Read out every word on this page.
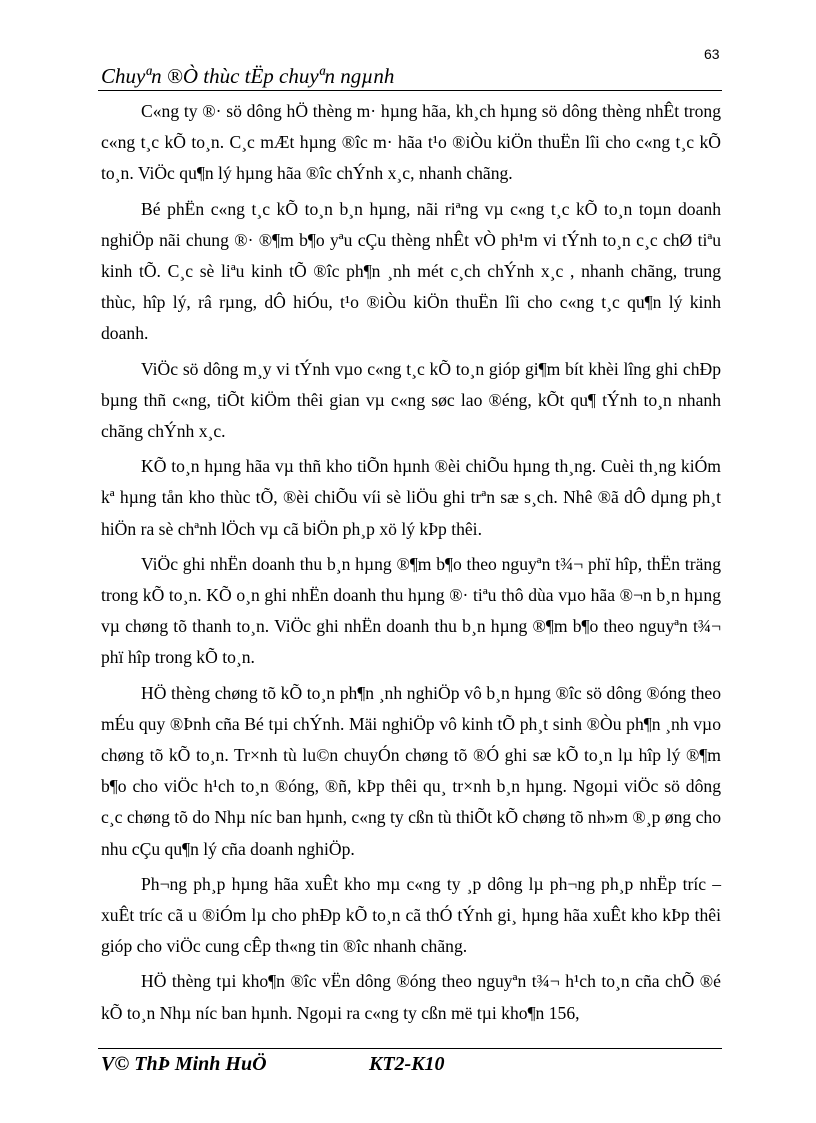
63
Chuyªn ®Ò thùc tËp chuyªn ngµnh

C«ng ty ®· sö dông hÖ thèng m· hµng hãa, kh¸ch hµng sö dông thèng nhÊt trong c«ng t¸c kÕ to¸n. C¸c mÆt hµng ®îc m· hãa t¹o ®iÒu kiÖn thuËn lîi cho c«ng t¸c kÕ to¸n. ViÖc qu¶n lý hµng hãa ®îc chÝnh x¸c, nhanh chãng.

Bé phËn c«ng t¸c kÕ to¸n b¸n hµng, nãi riªng vµ c«ng t¸c kÕ to¸n toµn doanh nghiÖp nãi chung ®· ®¶m b¶o yªu cÇu thèng nhÊt vÒ ph¹m vi tÝnh to¸n c¸c chØ tiªu kinh tÕ. C¸c sè liªu kinh tÕ ®îc ph¶n ¸nh mét c¸ch chÝnh x¸c , nhanh chãng, trung thùc, hîp lý, râ rµng, dÔ hiÓu, t¹o ®iÒu kiÖn thuËn lîi cho c«ng t¸c qu¶n lý kinh doanh.

ViÖc sö dông m¸y vi tÝnh vµo c«ng t¸c kÕ to¸n gióp gi¶m bít khèi lîng ghi chÐp bµng thñ c«ng, tiÕt kiÖm thêi gian vµ c«ng søc lao ®éng, kÕt qu¶ tÝnh to¸n nhanh chãng chÝnh x¸c.

KÕ to¸n hµng hãa vµ thñ kho tiÕn hµnh ®èi chiÕu hµng th¸ng. Cuèi th¸ng kiÓm kª hµng tån kho thùc tÕ, ®èi chiÕu víi sè liÖu ghi trªn sæ s¸ch. Nhê ®ã dÔ dµng ph¸t hiÖn ra sè chªnh lÖch vµ cã biÖn ph¸p xö lý kÞp thêi.

ViÖc ghi nhËn doanh thu b¸n hµng ®¶m b¶o theo nguyªn t¾¬ phï hîp, thËn träng trong kÕ to¸n. KÕ o¸n ghi nhËn doanh thu hµng ®· tiªu thô dùa vµo hãa ®¬n b¸n hµng vµ chøng tõ thanh to¸n. ViÖc ghi nhËn doanh thu b¸n hµng ®¶m b¶o theo nguyªn t¾¬ phï hîp trong kÕ to¸n.

HÖ thèng chøng tõ kÕ to¸n ph¶n ¸nh nghiÖp vô b¸n hµng ®îc sö dông ®óng theo mÉu quy ®Þnh cña Bé tµi chÝnh. Mäi nghiÖp vô kinh tÕ ph¸t sinh ®Òu ph¶n ¸nh vµo chøng tõ kÕ to¸n. Tr×nh tù lu©n chuyÓn chøng tõ ®Ó ghi sæ kÕ to¸n lµ hîp lý ®¶m b¶o cho viÖc h¹ch to¸n ®óng, ®ñ, kÞp thêi qu¸ tr×nh b¸n hµng. Ngoµi viÖc sö dông c¸c chøng tõ do Nhµ níc ban hµnh, c«ng ty cßn tù thiÕt kÕ chøng tõ nh»m ®¸p øng cho nhu cÇu qu¶n lý cña doanh nghiÖp.

Ph¬ng ph¸p hµng hãa xuÊt kho mµ c«ng ty ¸p dông lµ ph¬ng ph¸p nhËp tríc – xuÊt tríc cã u ®iÓm lµ cho phÐp kÕ to¸n cã thÓ tÝnh gi¸ hµng hãa xuÊt kho kÞp thêi gióp cho viÖc cung cÊp th«ng tin ®îc nhanh chãng.

HÖ thèng tµi kho¶n ®îc vËn dông ®óng theo nguyªn t¾¬ h¹ch to¸n cña chÕ ®é kÕ to¸n Nhµ níc ban hµnh. Ngoµi ra c«ng ty cßn më tµi kho¶n 156,

V© ThÞ Minh HuÖ	KT2-K10
